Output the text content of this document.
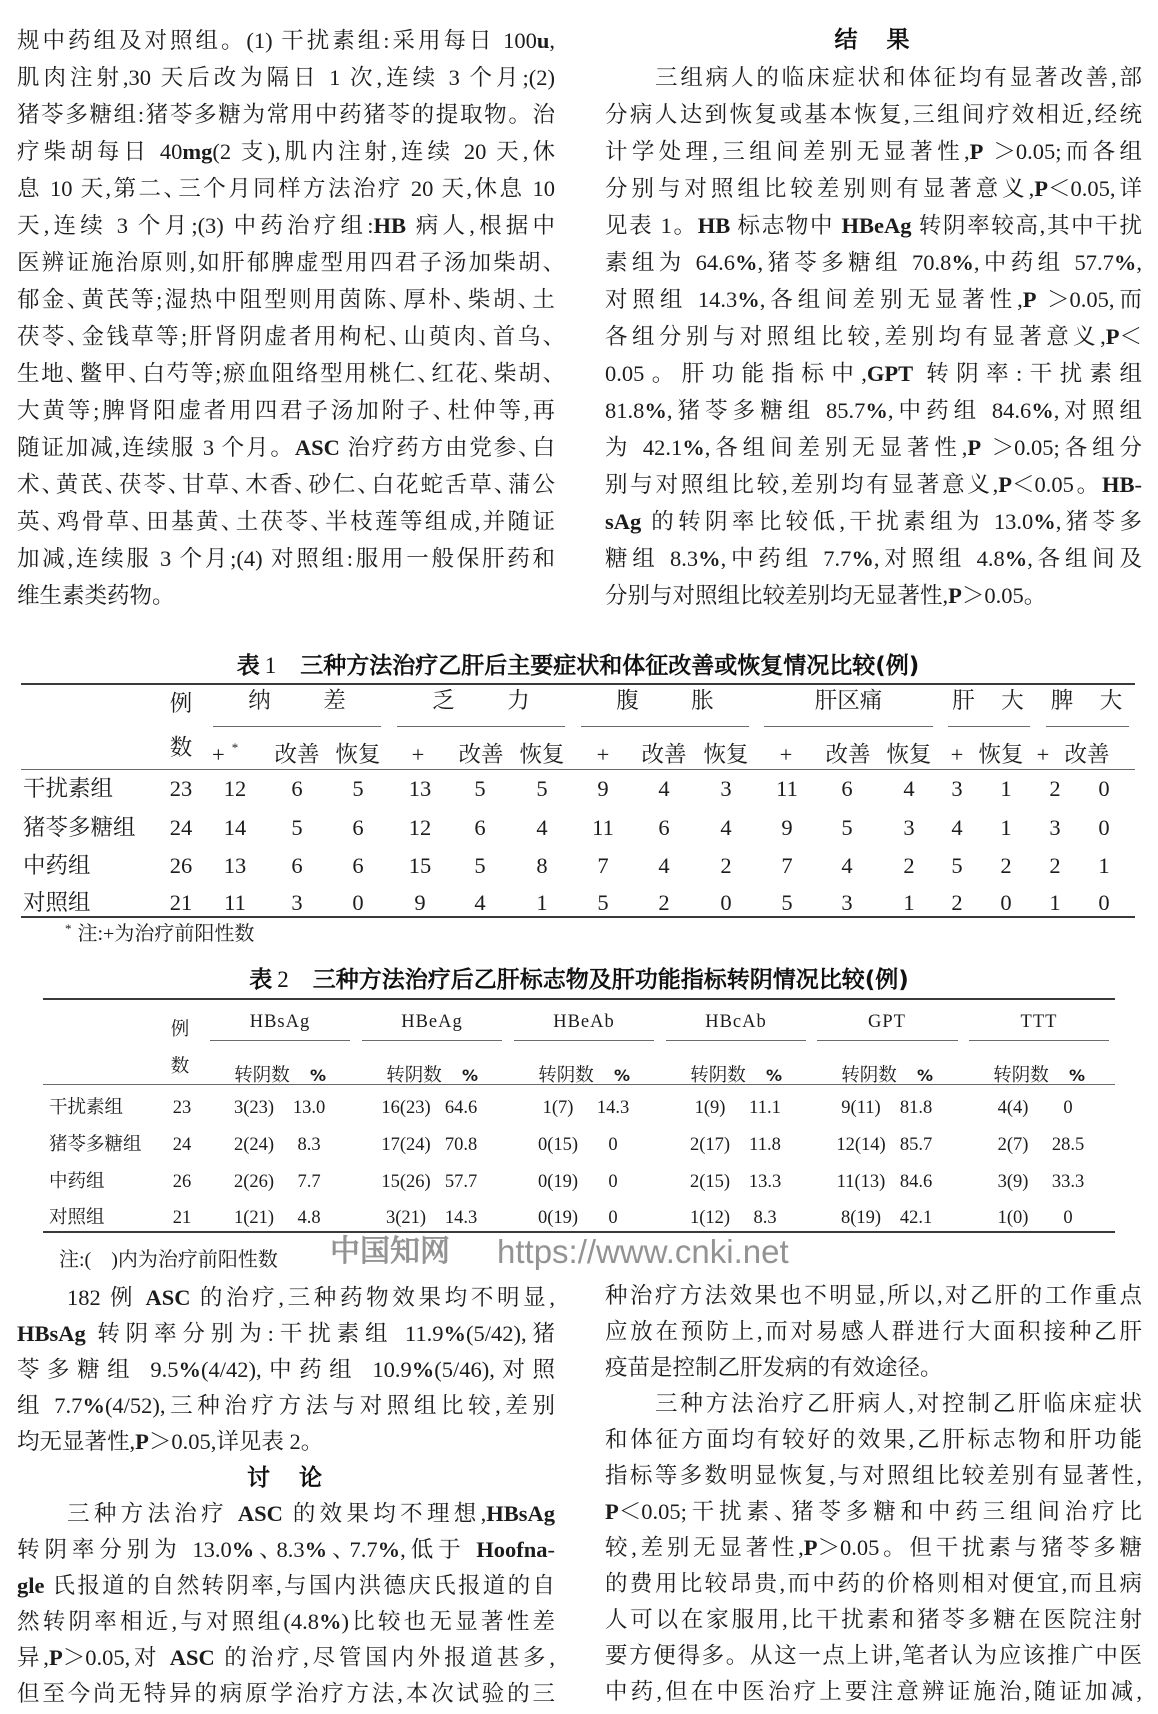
规中药组及对照组。(1) 干扰素组:采用每日 100u,
肌肉注射,30 天后改为隔日 1 次,连续 3 个月;(2)
猪苓多糖组:猪苓多糖为常用中药猪苓的提取物。治
疗柴胡每日 40mg(2 支),肌内注射,连续 20 天,休
息 10 天,第二、三个月同样方法治疗 20 天,休息 10
天,连续 3 个月;(3) 中药治疗组:HB 病人,根据中
医辨证施治原则,如肝郁脾虚型用四君子汤加柴胡、
郁金、黄芪等;湿热中阻型则用茵陈、厚朴、柴胡、土
茯苓、金钱草等;肝肾阴虚者用枸杞、山萸肉、首乌、
生地、鳖甲、白芍等;瘀血阻络型用桃仁、红花、柴胡、
大黄等;脾肾阳虚者用四君子汤加附子、杜仲等,再
随证加减,连续服 3 个月。ASC 治疗药方由党参、白
术、黄芪、茯苓、甘草、木香、砂仁、白花蛇舌草、蒲公
英、鸡骨草、田基黄、土茯苓、半枝莲等组成,并随证
加减,连续服 3 个月;(4) 对照组:服用一般保肝药和
维生素类药物。
结　果
三组病人的临床症状和体征均有显著改善,部
分病人达到恢复或基本恢复,三组间疗效相近,经统
计学处理,三组间差别无显著性,P ＞0.05;而各组
分别与对照组比较差别则有显著意义,P＜0.05,详
见表 1。HB 标志物中 HBeAg 转阴率较高,其中干扰
素组为 64.6%,猪苓多糖组 70.8%,中药组 57.7%,
对照组 14.3%,各组间差别无显著性,P ＞0.05,而
各组分别与对照组比较,差别均有显著意义,P＜
0.05。肝功能指标中,GPT 转阴率:干扰素组
81.8%,猪苓多糖组 85.7%,中药组 84.6%,对照组
为 42.1%,各组间差别无显著性,P ＞0.05;各组分
别与对照组比较,差别均有显著意义,P＜0.05。HB-
sAg 的转阴率比较低,干扰素组为 13.0%,猪苓多
糖组 8.3%,中药组 7.7%,对照组 4.8%,各组间及
分别与对照组比较差别均无显著性,P＞0.05。
表 1 三种方法治疗乙肝后主要症状和体征改善或恢复情况比较(例)
例
数
纳　差	乏　力	腹　胀	肝区痛	肝　大 脾　大
+ *	改善 恢复	+	改善 恢复	+	改善 恢复	+	改善 恢复 + 恢复 + 改善
干扰素组	23	12	6	5	13	5	5	9	4	3	11	6	4	3	1	2	0
猪苓多糖组	24	14	5	6	12	6	4	11	6	4	9	5	3	4	1	3	0
中药组	26	13	6	6	15	5	8	7	4	2	7	4	2	5	2	2	1
对照组	21	11	3	0	9	4	1	5	2	0	5	3	1	2	0	1	0
* 注:+为治疗前阳性数
表 2 三种方法治疗后乙肝标志物及肝功能指标转阴情况比较(例)
例
数
HBsAg	HBeAg	HBeAb	HBcAb	GPT	TTT
转阴数 %	转阴数 %	转阴数 %	转阴数 %	转阴数 %	转阴数 %
干扰素组	23	3(23)	13.0	16(23) 64.6	1(7)	14.3	1(9)	11.1	9(11)	81.8	4(4)	0
猪苓多糖组	24	2(24)	8.3	17(24) 70.8	0(15)	0	2(17)	11.8	12(14) 85.7	2(7)	28.5
中药组	26	2(26)	7.7	15(26) 57.7	0(19)	0	2(15)	13.3	11(13) 84.6	3(9)	33.3
对照组	21	1(21)	4.8	3(21)	14.3	0(19)	0	1(12)	8.3	8(19)	42.1	1(0)	0
注:(　)内为治疗前阳性数 中国知网 https://www.cnki.net
182 例 ASC 的治疗,三种药物效果均不明显,
HBsAg 转阴率分别为:干扰素组 11.9%(5/42),猪
苓多糖组 9.5%(4/42),中药组 10.9%(5/46),对照
组 7.7%(4/52),三种治疗方法与对照组比较,差别
均无显著性,P＞0.05,详见表 2。
讨　论
三种方法治疗 ASC 的效果均不理想,HBsAg
转阴率分别为 13.0%、8.3%、7.7%,低于 Hoofna-
gle 氏报道的自然转阴率,与国内洪德庆氏报道的自
然转阴率相近,与对照组(4.8%)比较也无显著性差
异,P＞0.05,对 ASC 的治疗,尽管国内外报道甚多,
但至今尚无特异的病原学治疗方法,本次试验的三
种治疗方法效果也不明显,所以,对乙肝的工作重点
应放在预防上,而对易感人群进行大面积接种乙肝
疫苗是控制乙肝发病的有效途径。
三种方法治疗乙肝病人,对控制乙肝临床症状
和体征方面均有较好的效果,乙肝标志物和肝功能
指标等多数明显恢复,与对照组比较差别有显著性,
P＜0.05;干扰素、猪苓多糖和中药三组间治疗比
较,差别无显著性,P＞0.05。但干扰素与猪苓多糖
的费用比较昂贵,而中药的价格则相对便宜,而且病
人可以在家服用,比干扰素和猪苓多糖在医院注射
要方便得多。从这一点上讲,笔者认为应该推广中医
中药,但在中医治疗上要注意辨证施治,随证加减,
